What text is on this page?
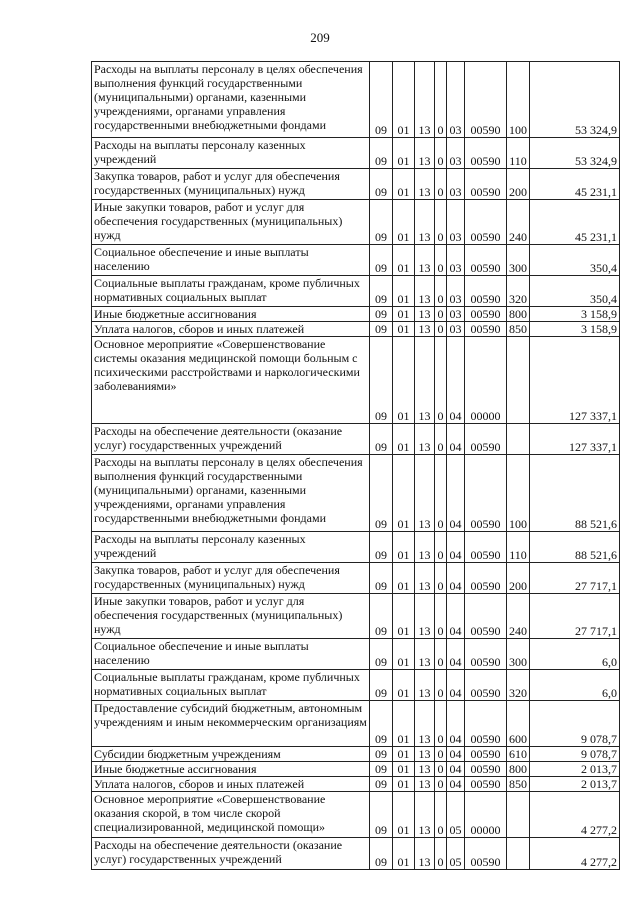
209
Расходы на выплаты персоналу в целях обеспечения выполнения функций государственными (муниципальными) органами, казенными учреждениями, органами управления государственными внебюджетными фондами	09	01	13	0	03	00590	100	53 324,9
Расходы на выплаты персоналу казенных учреждений	09	01	13	0	03	00590	110	53 324,9
Закупка товаров, работ и услуг для обеспечения государственных (муниципальных) нужд	09	01	13	0	03	00590	200	45 231,1
Иные закупки товаров, работ и услуг для обеспечения государственных (муниципальных) нужд	09	01	13	0	03	00590	240	45 231,1
Социальное обеспечение и иные выплаты населению	09	01	13	0	03	00590	300	350,4
Социальные выплаты гражданам, кроме публичных нормативных социальных выплат	09	01	13	0	03	00590	320	350,4
Иные бюджетные ассигнования	09	01	13	0	03	00590	800	3 158,9
Уплата налогов, сборов и иных платежей	09	01	13	0	03	00590	850	3 158,9
Основное мероприятие «Совершенствование системы оказания медицинской помощи больным с психическими расстройствами и наркологическими заболеваниями»	09	01	13	0	04	00000		127 337,1
Расходы на обеспечение деятельности (оказание услуг) государственных учреждений	09	01	13	0	04	00590		127 337,1
Расходы на выплаты персоналу в целях обеспечения выполнения функций государственными (муниципальными) органами, казенными учреждениями, органами управления государственными внебюджетными фондами	09	01	13	0	04	00590	100	88 521,6
Расходы на выплаты персоналу казенных учреждений	09	01	13	0	04	00590	110	88 521,6
Закупка товаров, работ и услуг для обеспечения государственных (муниципальных) нужд	09	01	13	0	04	00590	200	27 717,1
Иные закупки товаров, работ и услуг для обеспечения государственных (муниципальных) нужд	09	01	13	0	04	00590	240	27 717,1
Социальное обеспечение и иные выплаты населению	09	01	13	0	04	00590	300	6,0
Социальные выплаты гражданам, кроме публичных нормативных социальных выплат	09	01	13	0	04	00590	320	6,0
Предоставление субсидий бюджетным, автономным учреждениям и иным некоммерческим организациям	09	01	13	0	04	00590	600	9 078,7
Субсидии бюджетным учреждениям	09	01	13	0	04	00590	610	9 078,7
Иные бюджетные ассигнования	09	01	13	0	04	00590	800	2 013,7
Уплата налогов, сборов и иных платежей	09	01	13	0	04	00590	850	2 013,7
Основное мероприятие «Совершенствование оказания скорой, в том числе скорой специализированной, медицинской помощи»	09	01	13	0	05	00000		4 277,2
Расходы на обеспечение деятельности (оказание услуг) государственных учреждений	09	01	13	0	05	00590		4 277,2
